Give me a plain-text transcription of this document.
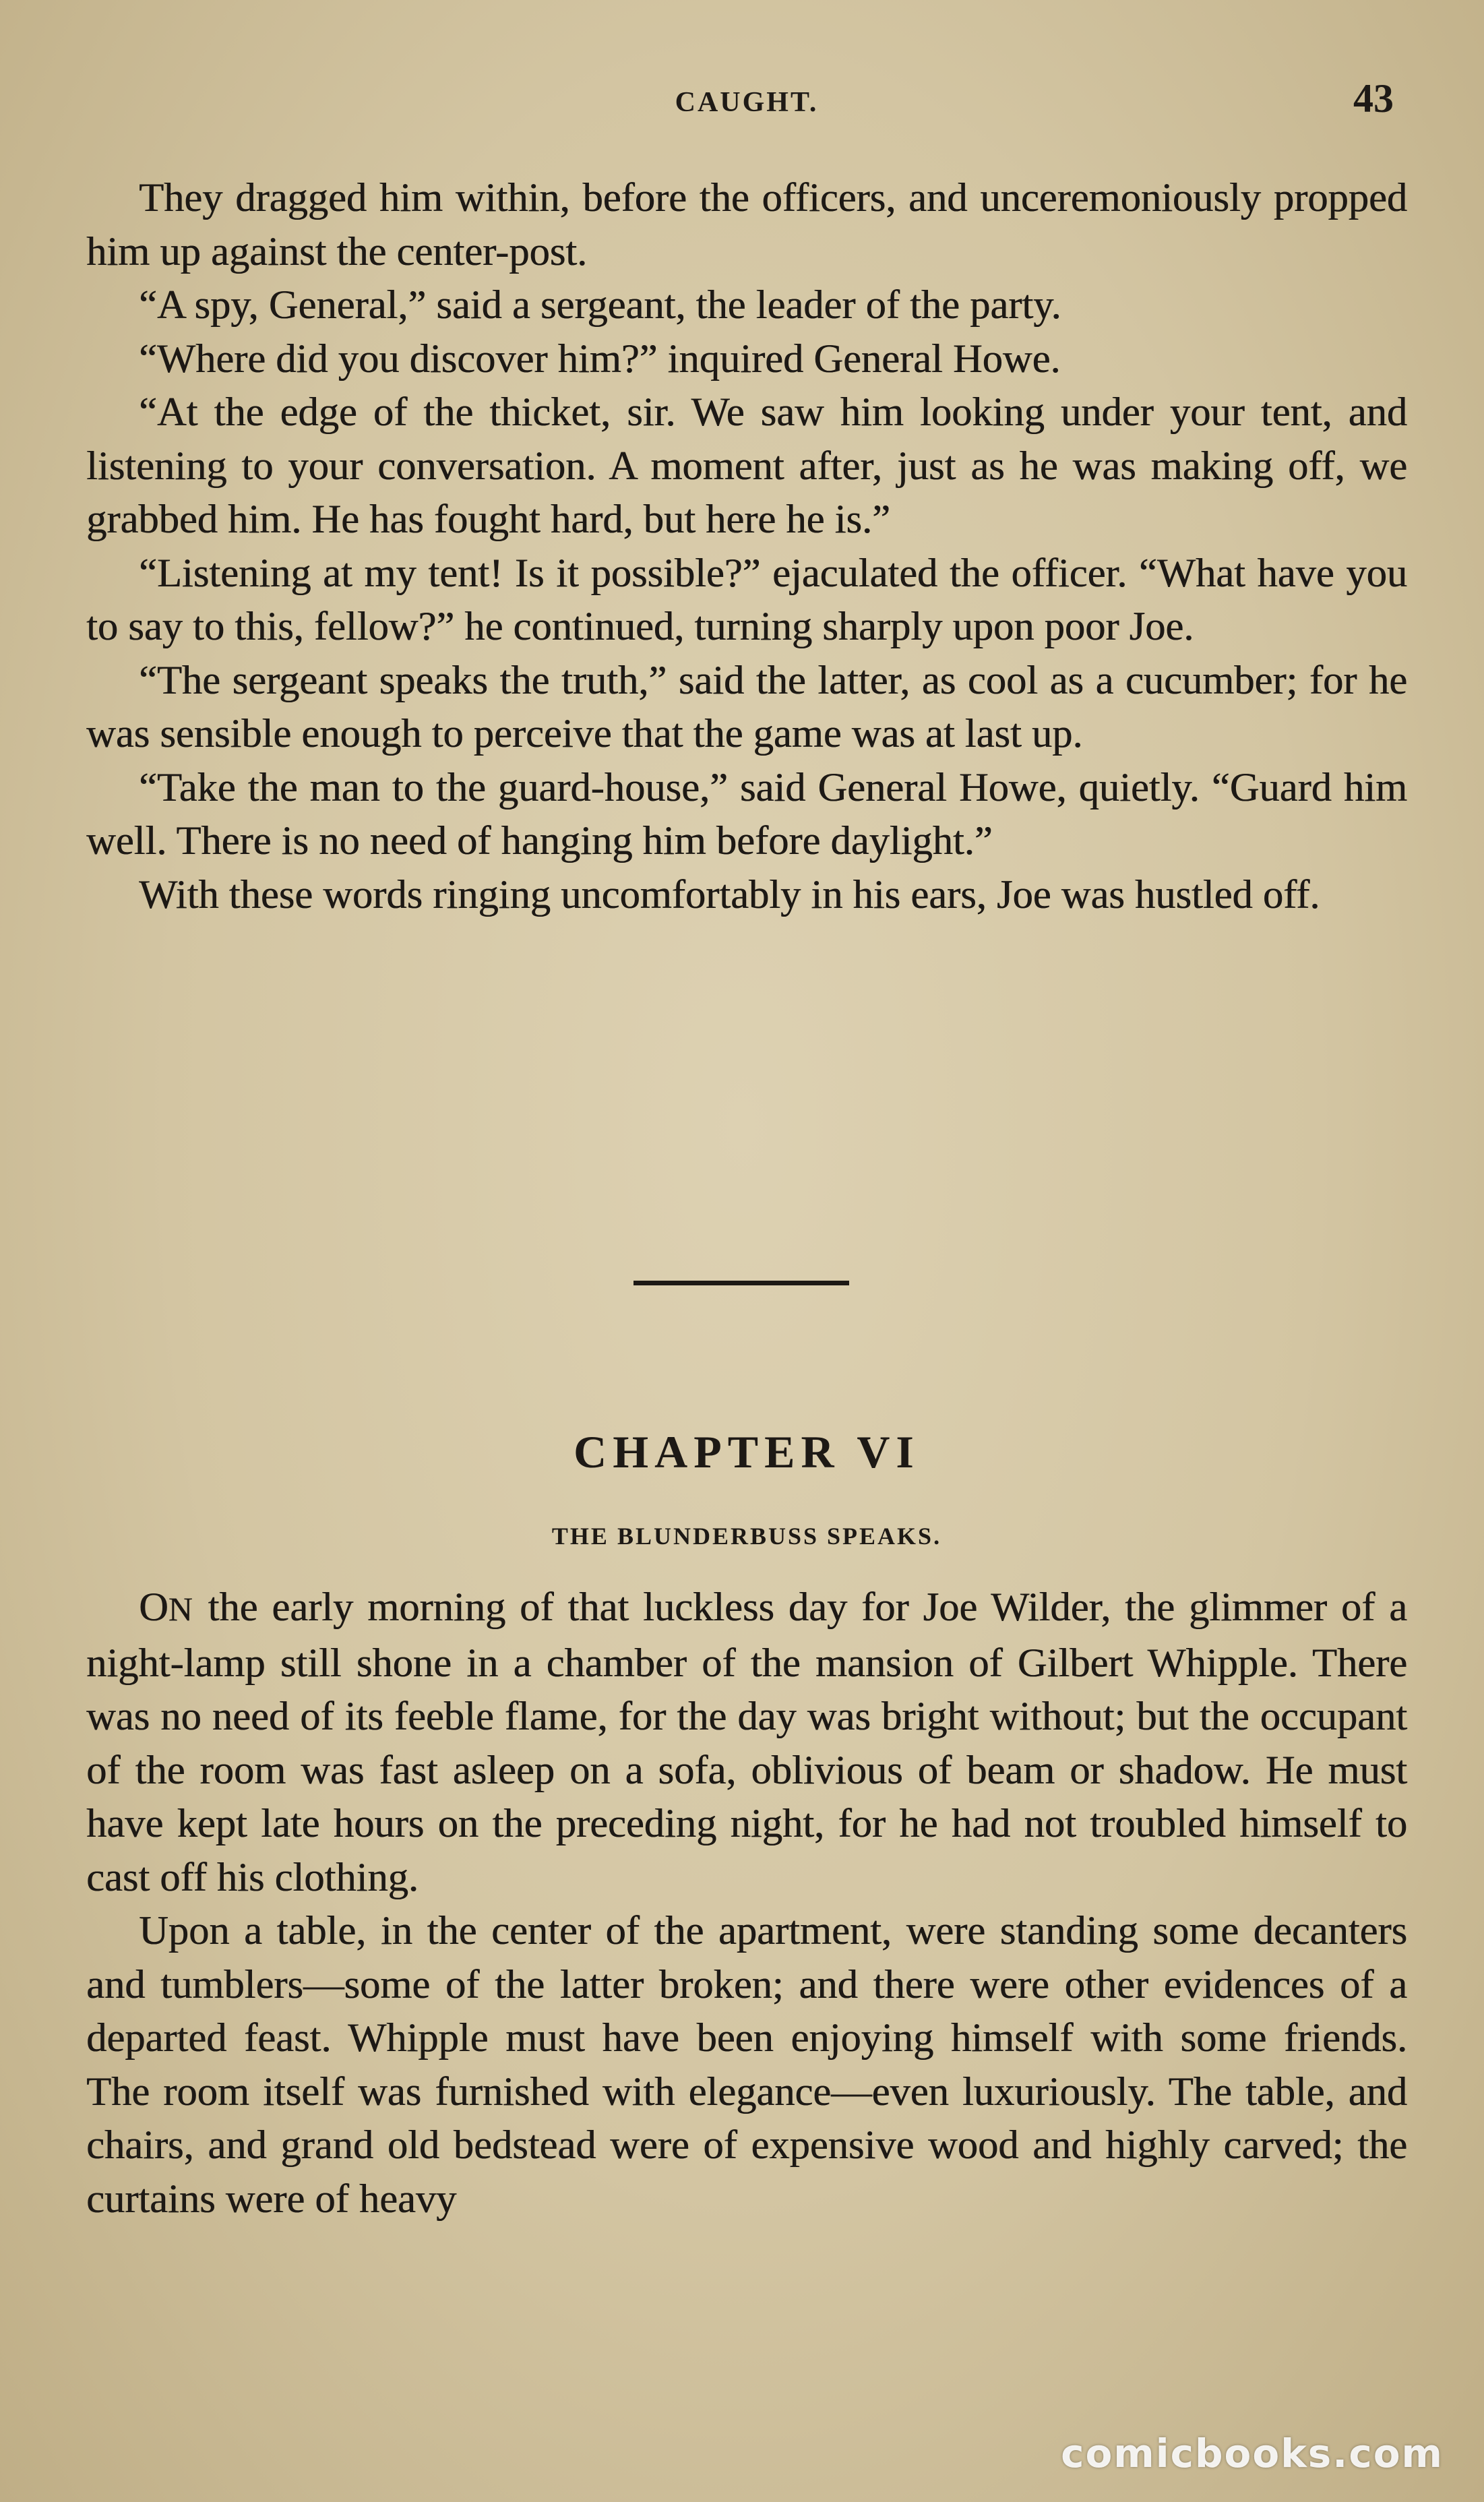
CAUGHT.	43

They dragged him within, before the officers, and unceremoniously propped him up against the center-post.

“A spy, General,” said a sergeant, the leader of the party.

“Where did you discover him?” inquired General Howe.

“At the edge of the thicket, sir. We saw him looking under your tent, and listening to your conversation. A moment after, just as he was making off, we grabbed him. He has fought hard, but here he is.”

“Listening at my tent! Is it possible?” ejaculated the officer. “What have you to say to this, fellow?” he continued, turning sharply upon poor Joe.

“The sergeant speaks the truth,” said the latter, as cool as a cucumber; for he was sensible enough to perceive that the game was at last up.

“Take the man to the guard-house,” said General Howe, quietly. “Guard him well. There is no need of hanging him before daylight.”

With these words ringing uncomfortably in his ears, Joe was hustled off.

CHAPTER VI
THE BLUNDERBUSS SPEAKS.

ON the early morning of that luckless day for Joe Wilder, the glimmer of a night-lamp still shone in a chamber of the mansion of Gilbert Whipple. There was no need of its feeble flame, for the day was bright without; but the occupant of the room was fast asleep on a sofa, oblivious of beam or shadow. He must have kept late hours on the preceding night, for he had not troubled himself to cast off his clothing.

Upon a table, in the center of the apartment, were standing some decanters and tumblers—some of the latter broken; and there were other evidences of a departed feast. Whipple must have been enjoying himself with some friends. The room itself was furnished with elegance—even luxuriously. The table, and chairs, and grand old bedstead were of expensive wood and highly carved; the curtains were of heavy

comicbooks.com
